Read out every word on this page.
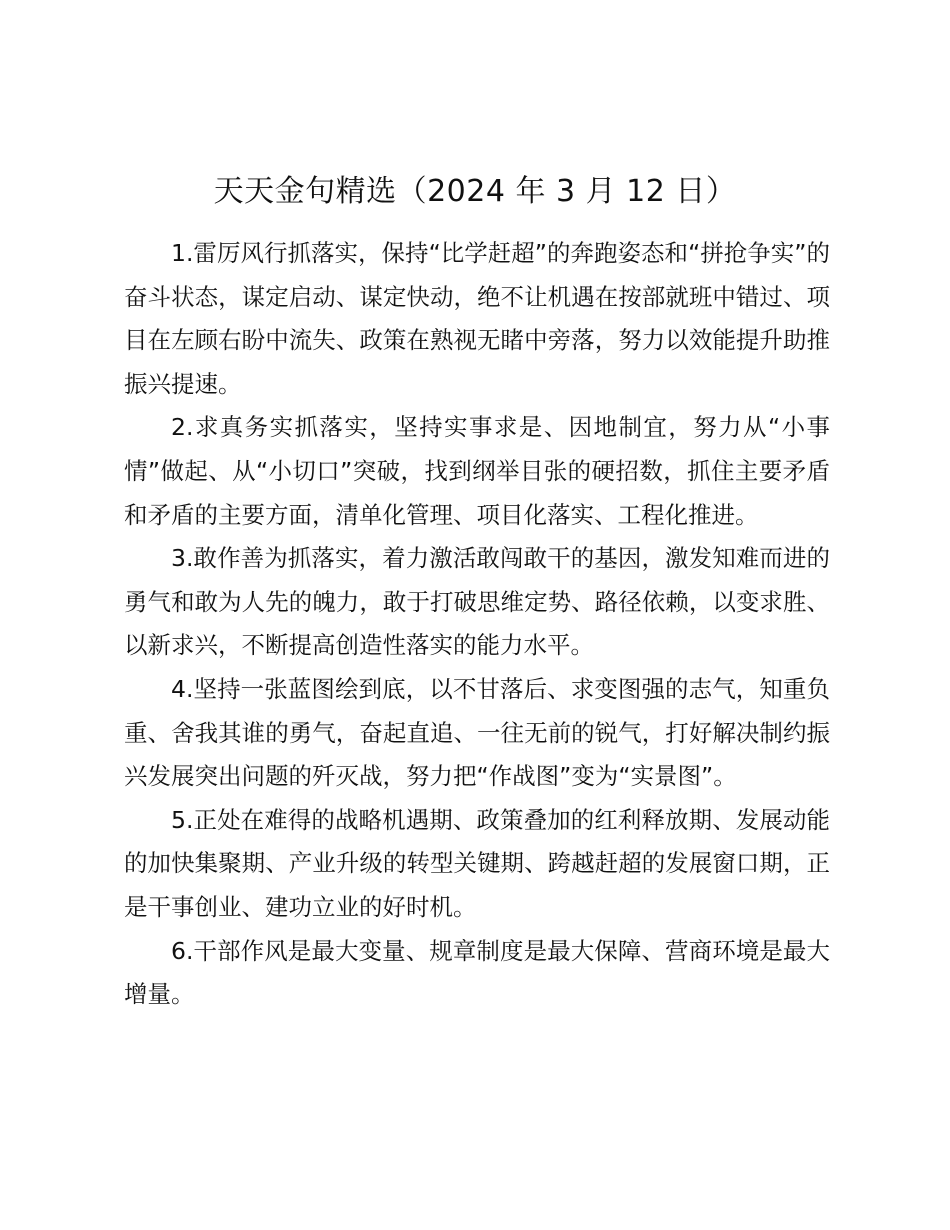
天天金句精选（2024 年 3 月 12 日）

1.雷厉风行抓落实，保持“比学赶超”的奔跑姿态和“拼抢争实”的奋斗状态，谋定启动、谋定快动，绝不让机遇在按部就班中错过、项目在左顾右盼中流失、政策在熟视无睹中旁落，努力以效能提升助推振兴提速。

2.求真务实抓落实，坚持实事求是、因地制宜，努力从“小事情”做起、从“小切口”突破，找到纲举目张的硬招数，抓住主要矛盾和矛盾的主要方面，清单化管理、项目化落实、工程化推进。

3.敢作善为抓落实，着力激活敢闯敢干的基因，激发知难而进的勇气和敢为人先的魄力，敢于打破思维定势、路径依赖，以变求胜、以新求兴，不断提高创造性落实的能力水平。

4.坚持一张蓝图绘到底，以不甘落后、求变图强的志气，知重负重、舍我其谁的勇气，奋起直追、一往无前的锐气，打好解决制约振兴发展突出问题的歼灭战，努力把“作战图”变为“实景图”。

5.正处在难得的战略机遇期、政策叠加的红利释放期、发展动能的加快集聚期、产业升级的转型关键期、跨越赶超的发展窗口期，正是干事创业、建功立业的好时机。

6.干部作风是最大变量、规章制度是最大保障、营商环境是最大增量。
